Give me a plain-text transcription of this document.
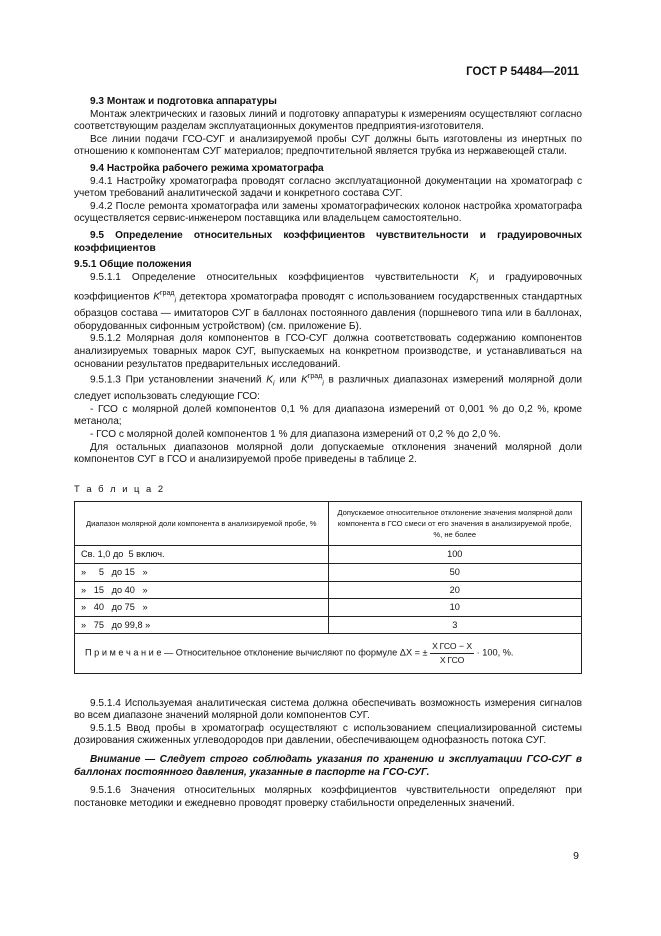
ГОСТ Р 54484—2011

9.3 Монтаж и подготовка аппаратуры

Монтаж электрических и газовых линий и подготовку аппаратуры к измерениям осуществляют согласно соответствующим разделам эксплуатационных документов предприятия-изготовителя.

Все линии подачи ГСО-СУГ и анализируемой пробы СУГ должны быть изготовлены из инертных по отношению к компонентам СУГ материалов; предпочтительной является трубка из нержавеющей стали.

9.4 Настройка рабочего режима хроматографа

9.4.1 Настройку хроматографа проводят согласно эксплуатационной документации на хроматограф с учетом требований аналитической задачи и конкретного состава СУГ.

9.4.2 После ремонта хроматографа или замены хроматографических колонок настройка хроматографа осуществляется сервис-инженером поставщика или владельцем самостоятельно.

9.5 Определение относительных коэффициентов чувствительности и градуировочных коэффициентов

9.5.1 Общие положения

9.5.1.1 Определение относительных коэффициентов чувствительности $K_i$ и градуировочных коэффициентов $K^{град}_i$ детектора хроматографа проводят с использованием государственных стандартных образцов состава — имитаторов СУГ в баллонах постоянного давления (поршневого типа или в баллонах, оборудованных сифонным устройством) (см. приложение Б).

9.5.1.2 Молярная доля компонентов в ГСО-СУГ должна соответствовать содержанию компонентов анализируемых товарных марок СУГ, выпускаемых на конкретном производстве, и устанавливаться на основании результатов предварительных исследований.

9.5.1.3 При установлении значений $K_i$ или $K^{град}_i$ в различных диапазонах измерений молярной доли следует использовать следующие ГСО:

- ГСО с молярной долей компонентов 0,1 % для диапазона измерений от 0,001 % до 0,2 %, кроме метанола;

- ГСО с молярной долей компонентов 1 % для диапазона измерений от 0,2 % до 2,0 %.

Для остальных диапазонов молярной доли допускаемые отклонения значений молярной доли компонентов СУГ в ГСО и анализируемой пробе приведены в таблице 2.

Т а б л и ц а 2

Диапазон молярной доли компонента в анализируемой пробе, %	Допускаемое относительное отклонение значения молярной доли компонента в ГСО смеси от его значения в анализируемой пробе, %, не более
Св. 1,0 до  5 включ.	100
»     5   до 15   »	50
»   15   до 40   »	20
»   40   до 75   »	10
»   75   до 99,8 »	3
П р и м е ч а н и е — Относительное отклонение вычисляют по формуле ΔX = ± $\frac{\text{X ГСО − X}}{\text{X ГСО}} \cdot 100$, %.	

9.5.1.4 Используемая аналитическая система должна обеспечивать возможность измерения сигналов во всем диапазоне значений молярной доли компонентов СУГ.

9.5.1.5 Ввод пробы в хроматограф осуществляют с использованием специализированной системы дозирования сжиженных углеводородов при давлении, обеспечивающем однофазность потока СУГ.

Внимание — Следует строго соблюдать указания по хранению и эксплуатации ГСО-СУГ в баллонах постоянного давления, указанные в паспорте на ГСО-СУГ.

9.5.1.6 Значения относительных молярных коэффициентов чувствительности определяют при постановке методики и ежедневно проводят проверку стабильности определенных значений.

9
